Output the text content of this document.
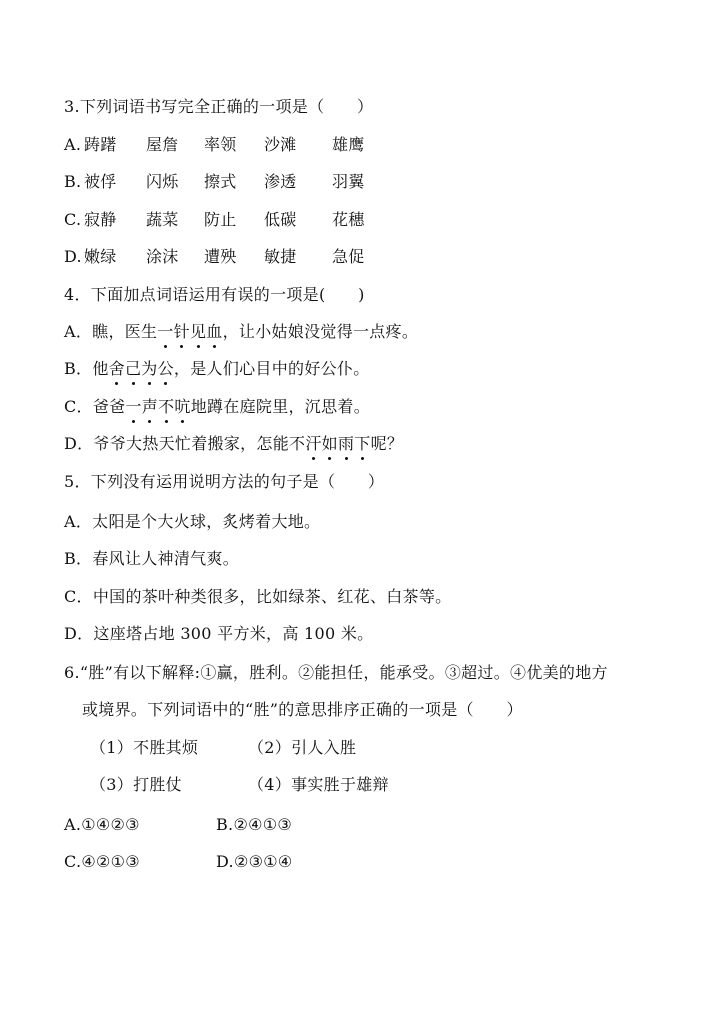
3.下列词语书写完全正确的一项是（　　）
A. 踌躇 屋詹 率领 沙滩 雄鹰
B. 被俘 闪烁 擦式 渗透 羽翼
C. 寂静 蔬菜 防止 低碳 花穗
D. 嫩绿 涂沫 遭殃 敏捷 急促
4．下面加点词语运用有误的一项是(　　)
A．瞧，医生一针见血，让小姑娘没觉得一点疼。
B．他舍己为公，是人们心目中的好公仆。
C．爸爸一声不吭地蹲在庭院里，沉思着。
D．爷爷大热天忙着搬家，怎能不汗如雨下呢？
5．下列没有运用说明方法的句子是（　　）
A．太阳是个大火球，炙烤着大地。
B．春风让人神清气爽。
C．中国的茶叶种类很多，比如绿茶、红花、白茶等。
D．这座塔占地 300 平方米，高 100 米。
6.“胜”有以下解释:①赢，胜利。②能担任，能承受。③超过。④优美的地方
或境界。下列词语中的“胜”的意思排序正确的一项是（　　）
（1）不胜其烦	（2）引人入胜
（3）打胜仗	（4）事实胜于雄辩
A.①④②③	B.②④①③
C.④②①③	D.②③①④
